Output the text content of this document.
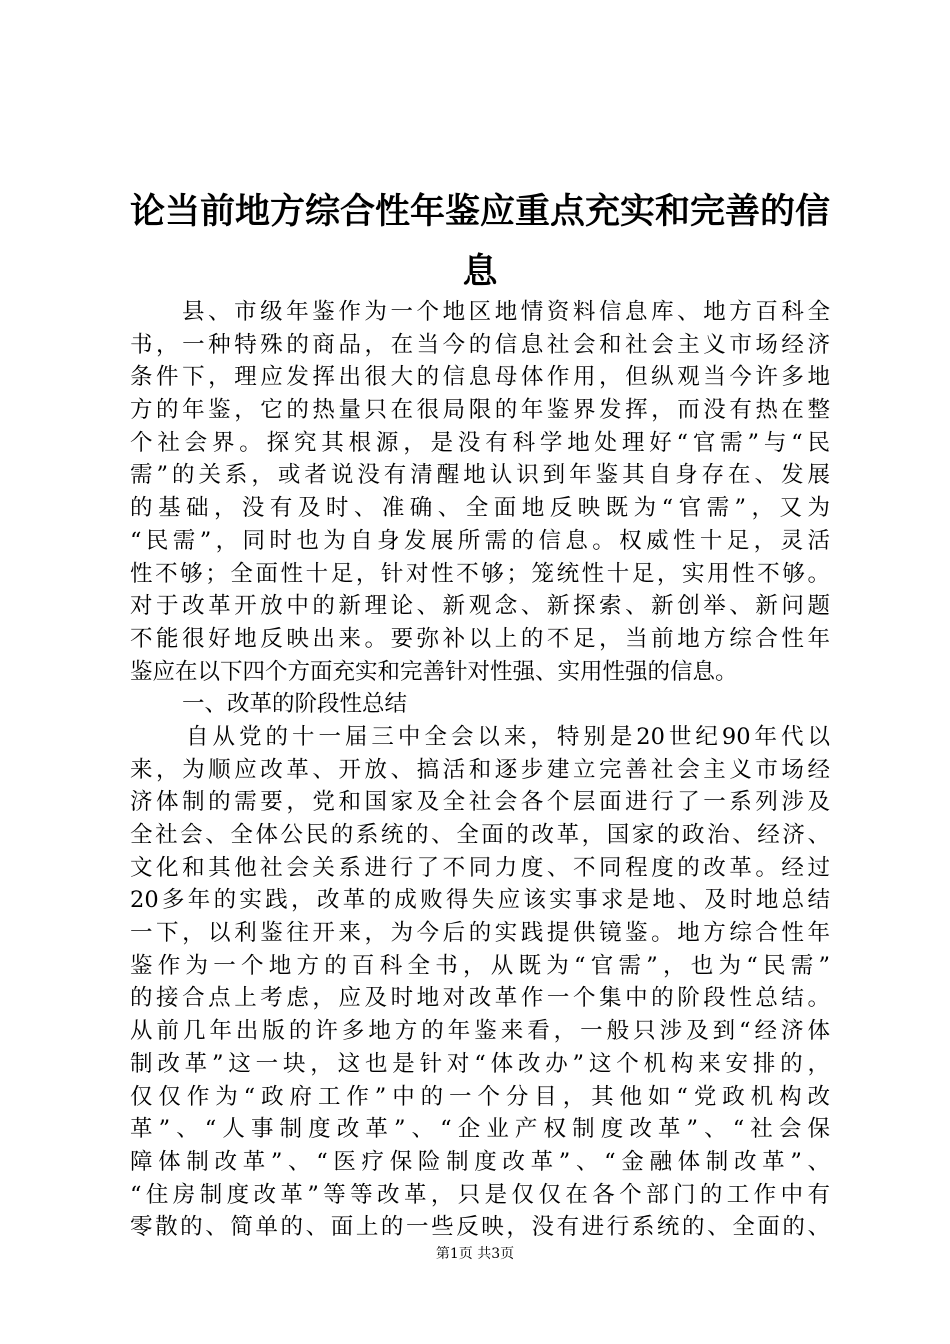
论当前地方综合性年鉴应重点充实和完善的信
息
县、市级年鉴作为一个地区地情资料信息库、地方百科全
书，一种特殊的商品，在当今的信息社会和社会主义市场经济
条件下，理应发挥出很大的信息母体作用，但纵观当今许多地
方的年鉴，它的热量只在很局限的年鉴界发挥，而没有热在整
个社会界。探究其根源，是没有科学地处理好“官需”与“民
需”的关系，或者说没有清醒地认识到年鉴其自身存在、发展
的基础，没有及时、准确、全面地反映既为“官需”，又为
“民需”，同时也为自身发展所需的信息。权威性十足，灵活
性不够；全面性十足，针对性不够；笼统性十足，实用性不够。
对于改革开放中的新理论、新观念、新探索、新创举、新问题
不能很好地反映出来。要弥补以上的不足，当前地方综合性年
鉴应在以下四个方面充实和完善针对性强、实用性强的信息。
一、改革的阶段性总结
自从党的十一届三中全会以来，特别是20世纪90年代以
来，为顺应改革、开放、搞活和逐步建立完善社会主义市场经
济体制的需要，党和国家及全社会各个层面进行了一系列涉及
全社会、全体公民的系统的、全面的改革，国家的政治、经济、
文化和其他社会关系进行了不同力度、不同程度的改革。经过
20多年的实践，改革的成败得失应该实事求是地、及时地总结
一下，以利鉴往开来，为今后的实践提供镜鉴。地方综合性年
鉴作为一个地方的百科全书，从既为“官需”，也为“民需”
的接合点上考虑，应及时地对改革作一个集中的阶段性总结。
从前几年出版的许多地方的年鉴来看，一般只涉及到“经济体
制改革”这一块，这也是针对“体改办”这个机构来安排的，
仅仅作为“政府工作”中的一个分目，其他如“党政机构改
革”、“人事制度改革”、“企业产权制度改革”、“社会保
障体制改革”、“医疗保险制度改革”、“金融体制改革”、
“住房制度改革”等等改革，只是仅仅在各个部门的工作中有
零散的、简单的、面上的一些反映，没有进行系统的、全面的、
第1页 共3页
